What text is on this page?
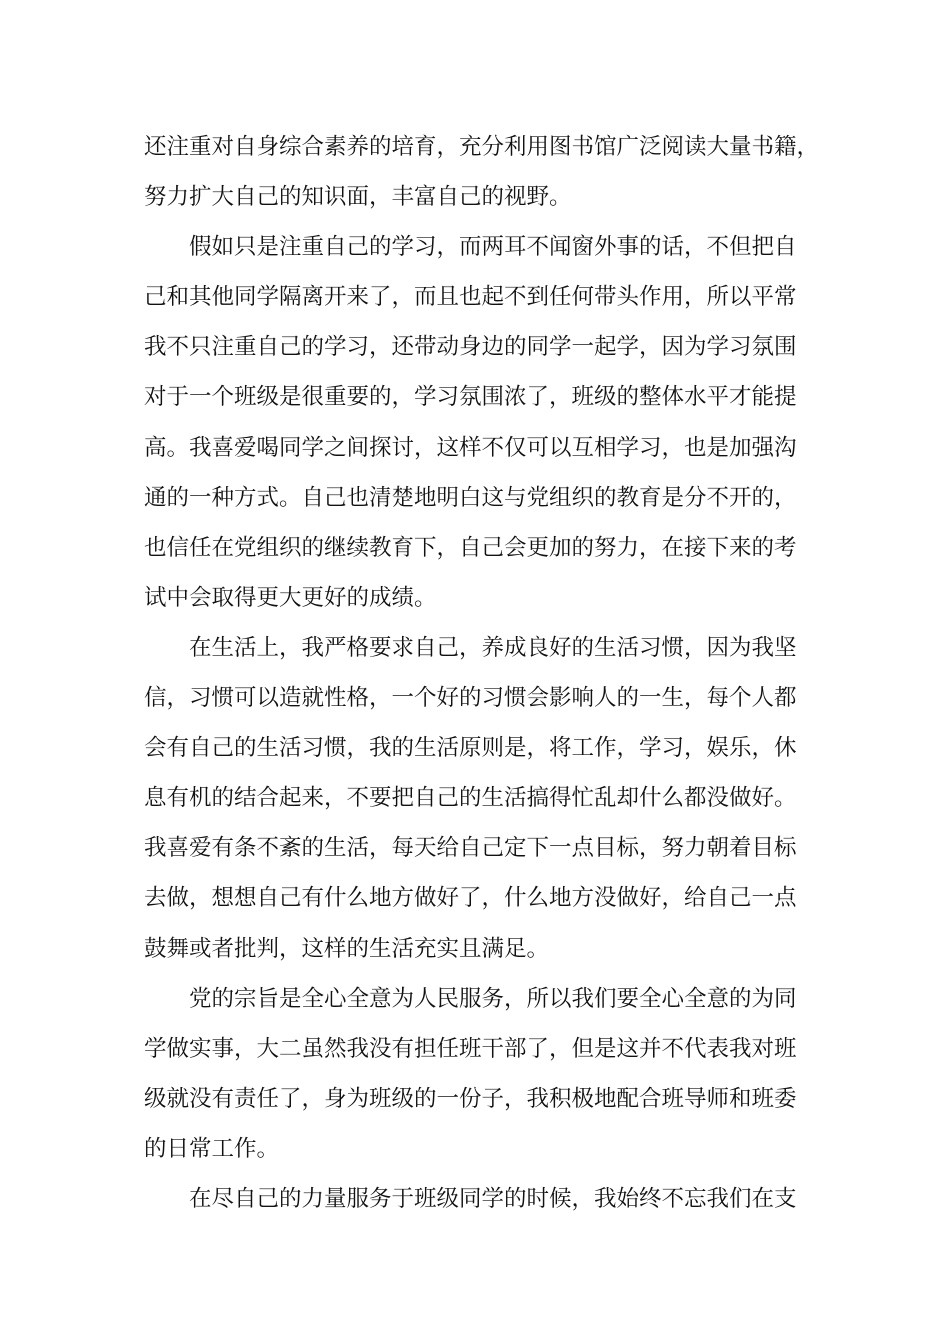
还注重对自身综合素养的培育，充分利用图书馆广泛阅读大量书籍，
努力扩大自己的知识面，丰富自己的视野。
假如只是注重自己的学习，而两耳不闻窗外事的话，不但把自
己和其他同学隔离开来了，而且也起不到任何带头作用，所以平常
我不只注重自己的学习，还带动身边的同学一起学，因为学习氛围
对于一个班级是很重要的，学习氛围浓了，班级的整体水平才能提
高。我喜爱喝同学之间探讨，这样不仅可以互相学习，也是加强沟
通的一种方式。自己也清楚地明白这与党组织的教育是分不开的，
也信任在党组织的继续教育下，自己会更加的努力，在接下来的考
试中会取得更大更好的成绩。
在生活上，我严格要求自己，养成良好的生活习惯，因为我坚
信，习惯可以造就性格，一个好的习惯会影响人的一生，每个人都
会有自己的生活习惯，我的生活原则是，将工作，学习，娱乐，休
息有机的结合起来，不要把自己的生活搞得忙乱却什么都没做好。
我喜爱有条不紊的生活，每天给自己定下一点目标，努力朝着目标
去做，想想自己有什么地方做好了，什么地方没做好，给自己一点
鼓舞或者批判，这样的生活充实且满足。
党的宗旨是全心全意为人民服务，所以我们要全心全意的为同
学做实事，大二虽然我没有担任班干部了，但是这并不代表我对班
级就没有责任了，身为班级的一份子，我积极地配合班导师和班委
的日常工作。
在尽自己的力量服务于班级同学的时候，我始终不忘我们在支
